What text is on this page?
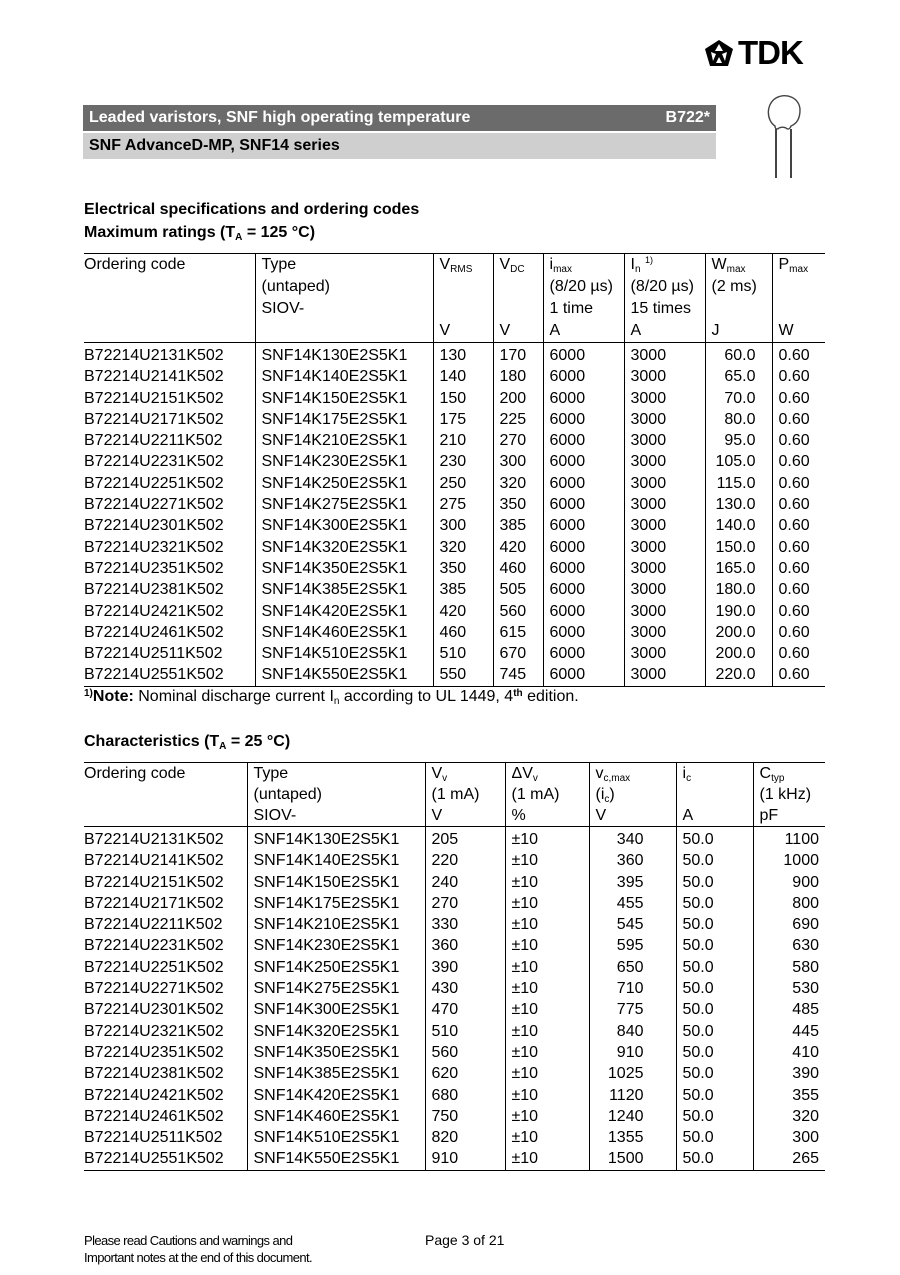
TDK
Leaded varistors, SNF high operating temperature	B722*
SNF AdvanceD-MP, SNF14 series
Electrical specifications and ordering codes
Maximum ratings ($T_A = 125$ °C)
Ordering code	Type	$V_{RMS}$	$V_{DC}$	$i_{max}$	$I_n$ $^{1)}$	$W_{max}$	$P_{max}$
	(untaped)			(8/20 µs)	(8/20 µs)	(2 ms)	
	SIOV-			1 time	15 times		
		V	V	A	A	J	W
B72214U2131K502	SNF14K130E2S5K1	130	170	6000	3000	60.0	0.60
B72214U2141K502	SNF14K140E2S5K1	140	180	6000	3000	65.0	0.60
B72214U2151K502	SNF14K150E2S5K1	150	200	6000	3000	70.0	0.60
B72214U2171K502	SNF14K175E2S5K1	175	225	6000	3000	80.0	0.60
B72214U2211K502	SNF14K210E2S5K1	210	270	6000	3000	95.0	0.60
B72214U2231K502	SNF14K230E2S5K1	230	300	6000	3000	105.0	0.60
B72214U2251K502	SNF14K250E2S5K1	250	320	6000	3000	115.0	0.60
B72214U2271K502	SNF14K275E2S5K1	275	350	6000	3000	130.0	0.60
B72214U2301K502	SNF14K300E2S5K1	300	385	6000	3000	140.0	0.60
B72214U2321K502	SNF14K320E2S5K1	320	420	6000	3000	150.0	0.60
B72214U2351K502	SNF14K350E2S5K1	350	460	6000	3000	165.0	0.60
B72214U2381K502	SNF14K385E2S5K1	385	505	6000	3000	180.0	0.60
B72214U2421K502	SNF14K420E2S5K1	420	560	6000	3000	190.0	0.60
B72214U2461K502	SNF14K460E2S5K1	460	615	6000	3000	200.0	0.60
B72214U2511K502	SNF14K510E2S5K1	510	670	6000	3000	200.0	0.60
B72214U2551K502	SNF14K550E2S5K1	550	745	6000	3000	220.0	0.60
$^{1)}$Note: Nominal discharge current $I_n$ according to UL 1449, 4th edition.
Characteristics ($T_A = 25$ °C)
Ordering code	Type	$V_v$	$\Delta V_v$	$v_{c,max}$	$i_c$	$C_{typ}$
	(untaped)	(1 mA)	(1 mA)	$(i_c)$		(1 kHz)
	SIOV-	V	%	V	A	pF
B72214U2131K502	SNF14K130E2S5K1	205	±10	340	50.0	1100
B72214U2141K502	SNF14K140E2S5K1	220	±10	360	50.0	1000
B72214U2151K502	SNF14K150E2S5K1	240	±10	395	50.0	900
B72214U2171K502	SNF14K175E2S5K1	270	±10	455	50.0	800
B72214U2211K502	SNF14K210E2S5K1	330	±10	545	50.0	690
B72214U2231K502	SNF14K230E2S5K1	360	±10	595	50.0	630
B72214U2251K502	SNF14K250E2S5K1	390	±10	650	50.0	580
B72214U2271K502	SNF14K275E2S5K1	430	±10	710	50.0	530
B72214U2301K502	SNF14K300E2S5K1	470	±10	775	50.0	485
B72214U2321K502	SNF14K320E2S5K1	510	±10	840	50.0	445
B72214U2351K502	SNF14K350E2S5K1	560	±10	910	50.0	410
B72214U2381K502	SNF14K385E2S5K1	620	±10	1025	50.0	390
B72214U2421K502	SNF14K420E2S5K1	680	±10	1120	50.0	355
B72214U2461K502	SNF14K460E2S5K1	750	±10	1240	50.0	320
B72214U2511K502	SNF14K510E2S5K1	820	±10	1355	50.0	300
B72214U2551K502	SNF14K550E2S5K1	910	±10	1500	50.0	265
Please read Cautions and warnings and
Important notes at the end of this document.
Page 3 of 21
